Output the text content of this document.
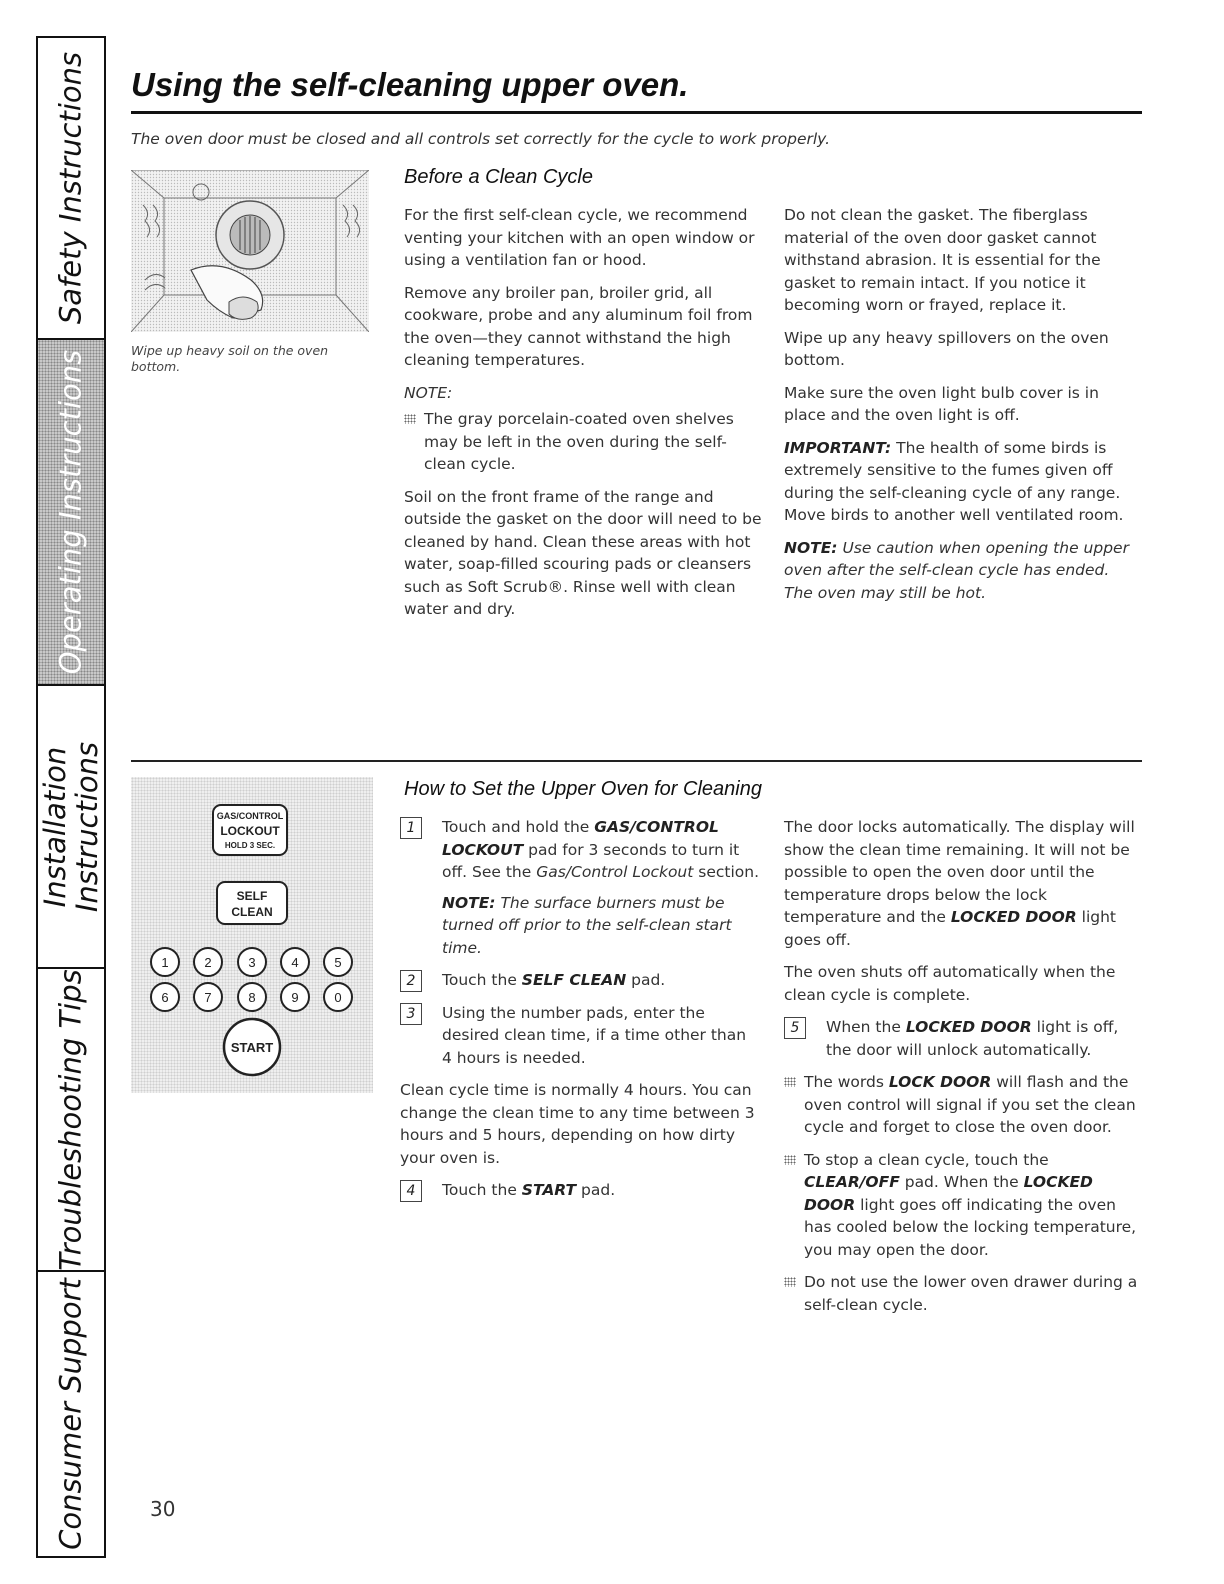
Safety Instructions
Operating Instructions
Installation Instructions
Troubleshooting Tips
Consumer Support
Using the self-cleaning upper oven.
The oven door must be closed and all controls set correctly for the cycle to work properly.
Wipe up heavy soil on the oven bottom.
Before a Clean Cycle

For the first self-clean cycle, we recommend venting your kitchen with an open window or using a ventilation fan or hood.

Remove any broiler pan, broiler grid, all cookware, probe and any aluminum foil from the oven—they cannot withstand the high cleaning temperatures.

NOTE:

The gray porcelain-coated oven shelves may be left in the oven during the self-clean cycle.

Soil on the front frame of the range and outside the gasket on the door will need to be cleaned by hand. Clean these areas with hot water, soap-filled scouring pads or cleansers such as Soft Scrub®. Rinse well with clean water and dry.

Do not clean the gasket. The fiberglass material of the oven door gasket cannot withstand abrasion. It is essential for the gasket to remain intact. If you notice it becoming worn or frayed, replace it.

Wipe up any heavy spillovers on the oven bottom.

Make sure the oven light bulb cover is in place and the oven light is off.

IMPORTANT: The health of some birds is extremely sensitive to the fumes given off during the self-cleaning cycle of any range. Move birds to another well ventilated room.

NOTE: Use caution when opening the upper oven after the self-clean cycle has ended. The oven may still be hot.

GAS/CONTROL
LOCKOUT
HOLD 3 SEC.
SELF
CLEAN
1	2	3	4	5
6	7	8	9	0
START
How to Set the Upper Oven for Cleaning
1	Touch and hold the GAS/CONTROL LOCKOUT pad for 3 seconds to turn it off. See the Gas/Control Lockout section.
NOTE: The surface burners must be turned off prior to the self-clean start time.
2	Touch the SELF CLEAN pad.
3	Using the number pads, enter the desired clean time, if a time other than 4 hours is needed.

Clean cycle time is normally 4 hours. You can change the clean time to any time between 3 hours and 5 hours, depending on how dirty your oven is.

4	Touch the START pad.

The door locks automatically. The display will show the clean time remaining. It will not be possible to open the oven door until the temperature drops below the lock temperature and the LOCKED DOOR light goes off.

The oven shuts off automatically when the clean cycle is complete.

5	When the LOCKED DOOR light is off, the door will unlock automatically.
The words LOCK DOOR will flash and the oven control will signal if you set the clean cycle and forget to close the oven door.
To stop a clean cycle, touch the CLEAR/OFF pad. When the LOCKED DOOR light goes off indicating the oven has cooled below the locking temperature, you may open the door.
Do not use the lower oven drawer during a self-clean cycle.
30
